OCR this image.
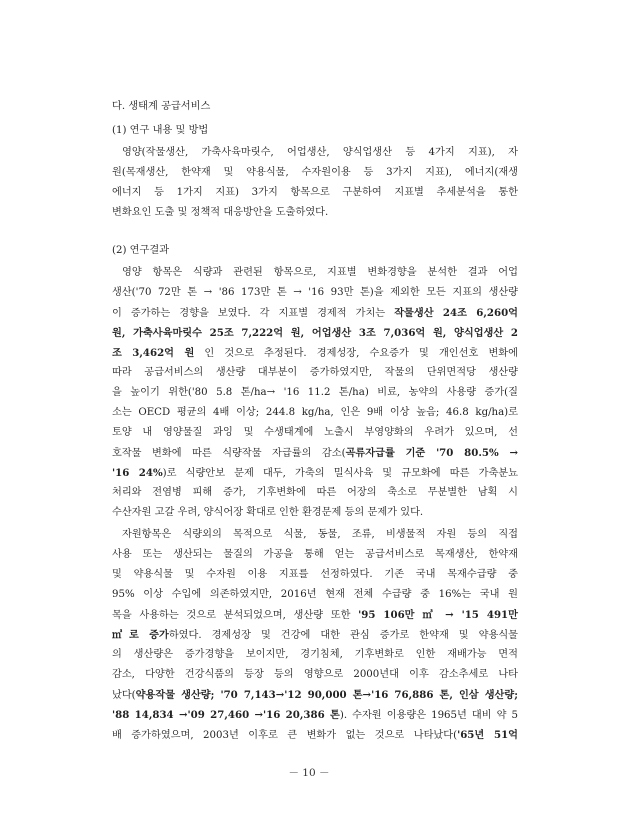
다. 생태계 공급서비스
(1) 연구 내용 및 방법
영양(작물생산, 가축사육마릿수, 어업생산, 양식업생산 등 4가지 지표), 자
원(목재생산, 한약재 및 약용식물, 수자원이용 등 3가지 지표), 에너지(재생
에너지 등 1가지 지표) 3가지 항목으로 구분하여 지표별 추세분석을 통한
변화요인 도출 및 정책적 대응방안을 도출하였다.
(2) 연구결과
영양 항목은 식량과 관련된 항목으로, 지표별 변화경향을 분석한 결과 어업
생산('70 72만 톤 → '86 173만 톤 → '16 93만 톤)을 제외한 모든 지표의 생산량
이 증가하는 경향을 보였다. 각 지표별 경제적 가치는 작물생산 24조 6,260억
원, 가축사육마릿수 25조 7,222억 원, 어업생산 3조 7,036억 원, 양식업생산 2
조 3,462억 원 인 것으로 추정된다. 경제성장, 수요증가 및 개인선호 변화에
따라 공급서비스의 생산량 대부분이 증가하였지만, 작물의 단위면적당 생산량
을 높이기 위한('80 5.8 톤/ha→ '16 11.2 톤/ha) 비료, 농약의 사용량 증가(질
소는 OECD 평균의 4배 이상; 244.8 kg/ha, 인은 9배 이상 높음; 46.8 kg/ha)로
토양 내 영양물질 과잉 및 수생태계에 노출시 부영양화의 우려가 있으며, 선
호작물 변화에 따른 식량작물 자급률의 감소(곡류자급률 기준 '70 80.5% →
'16 24%)로 식량안보 문제 대두, 가축의 밀식사육 및 규모화에 따른 가축분뇨
처리와 전염병 피해 증가, 기후변화에 따른 어장의 축소로 무분별한 남획 시
수산자원 고갈 우려, 양식어장 확대로 인한 환경문제 등의 문제가 있다.
자원항목은 식량외의 목적으로 식물, 동물, 조류, 비생물적 자원 등의 직접
사용 또는 생산되는 물질의 가공을 통해 얻는 공급서비스로 목재생산, 한약재
및 약용식물 및 수자원 이용 지표를 선정하였다. 기존 국내 목재수급량 중
95% 이상 수입에 의존하였지만, 2016년 현재 전체 수급량 중 16%는 국내 원
목을 사용하는 것으로 분석되었으며, 생산량 또한 '95 106만 ㎥ → '15 491만
㎥로 증가하였다. 경제성장 및 건강에 대한 관심 증가로 한약재 및 약용식물
의 생산량은 증가경향을 보이지만, 경기침체, 기후변화로 인한 재배가능 면적
감소, 다양한 건강식품의 등장 등의 영향으로 2000년대 이후 감소추세로 나타
났다(약용작물 생산량; '70 7,143→'12 90,000 톤→'16 76,886 톤, 인삼 생산량;
'88 14,834 →'09 27,460 →'16 20,386 톤). 수자원 이용량은 1965년 대비 약 5
배 증가하였으며, 2003년 이후로 큰 변화가 없는 것으로 나타났다('65년 51억
－ 10 －
